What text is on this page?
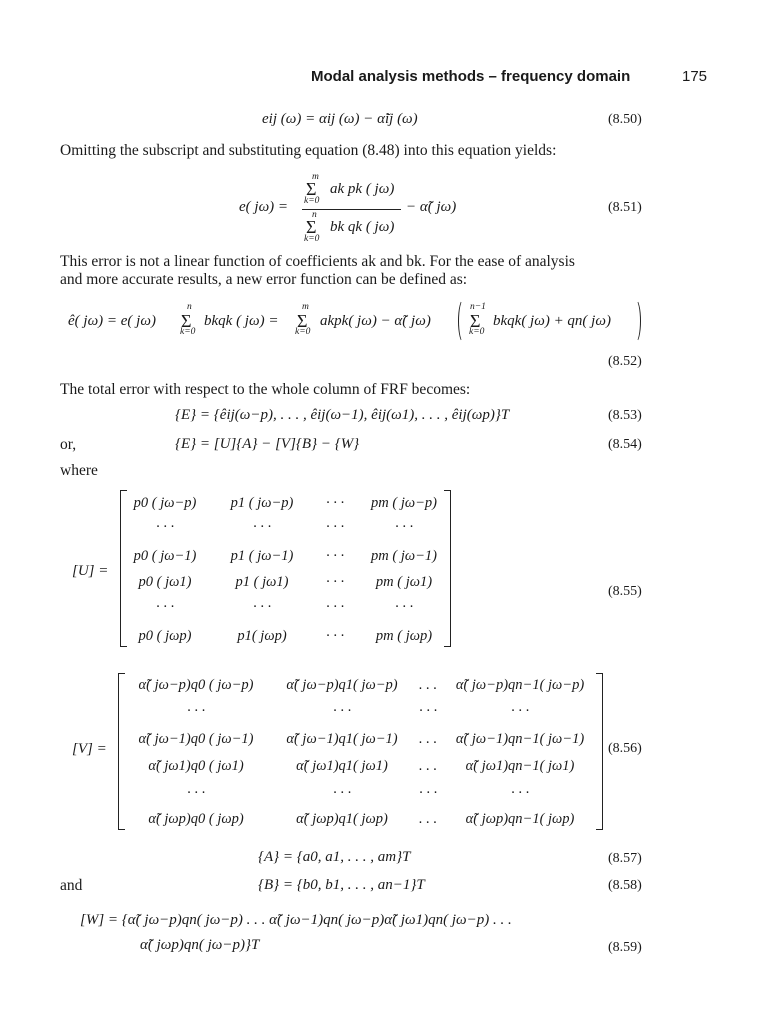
Modal analysis methods – frequency domain	175
eij (ω) = αij (ω) − α̃ij (ω)	(8.50)
Omitting the subscript and substituting equation (8.48) into this equation yields:
e( jω) =
m
Σ
k=0
ak pk ( jω)
n
Σ
k=0
bk qk ( jω)
− α̃( jω)	(8.51)
This error is not a linear function of coefficients ak and bk. For the ease of analysis
and more accurate results, a new error function can be defined as:
ê( jω) = e( jω)
n
Σ
k=0
bkqk ( jω) =
m
Σ
k=0
akpk( jω) − α̃( jω)
n−1
Σ
k=0
bkqk( jω) + qn( jω)
(8.52)
The total error with respect to the whole column of FRF becomes:
{E} = {êij(ω−p), . . . , êij(ω−1), êij(ω1), . . . , êij(ωp)}T	(8.53)
or,	{E} = [U]{A} − [V]{B} − {W}	(8.54)
where
[U] =
p0 ( jω−p)	p1 ( jω−p)	· · ·	pm ( jω−p)
· · ·	· · ·	· · ·	· · ·
p0 ( jω−1)	p1 ( jω−1)	· · ·	pm ( jω−1)
p0 ( jω1)	p1 ( jω1)	· · ·	pm ( jω1)
· · ·	· · ·	· · ·	· · ·
p0 ( jωp)	p1( jωp)	· · ·	pm ( jωp)
(8.55)
[V] =
α̃( jω−p)q0 ( jω−p)	α̃( jω−p)q1( jω−p)	. . .	α̃( jω−p)qn−1( jω−p)
· · ·	· · ·	· · ·	· · ·
α̃( jω−1)q0 ( jω−1)	α̃( jω−1)q1( jω−1)	. . .	α̃( jω−1)qn−1( jω−1)
α̃( jω1)q0 ( jω1)	α̃( jω1)q1( jω1)	. . .	α̃( jω1)qn−1( jω1)
· · ·	· · ·	· · ·	· · ·
α̃( jωp)q0 ( jωp)	α̃( jωp)q1( jωp)	. . .	α̃( jωp)qn−1( jωp)
(8.56)
{A} = {a0, a1, . . . , am}T	(8.57)
and	{B} = {b0, b1, . . . , an−1}T	(8.58)
[W] = {α̃( jω−p)qn( jω−p) . . . α̃( jω−1)qn( jω−p)α̃( jω1)qn( jω−p) . . .
α̃( jωp)qn( jω−p)}T	(8.59)
